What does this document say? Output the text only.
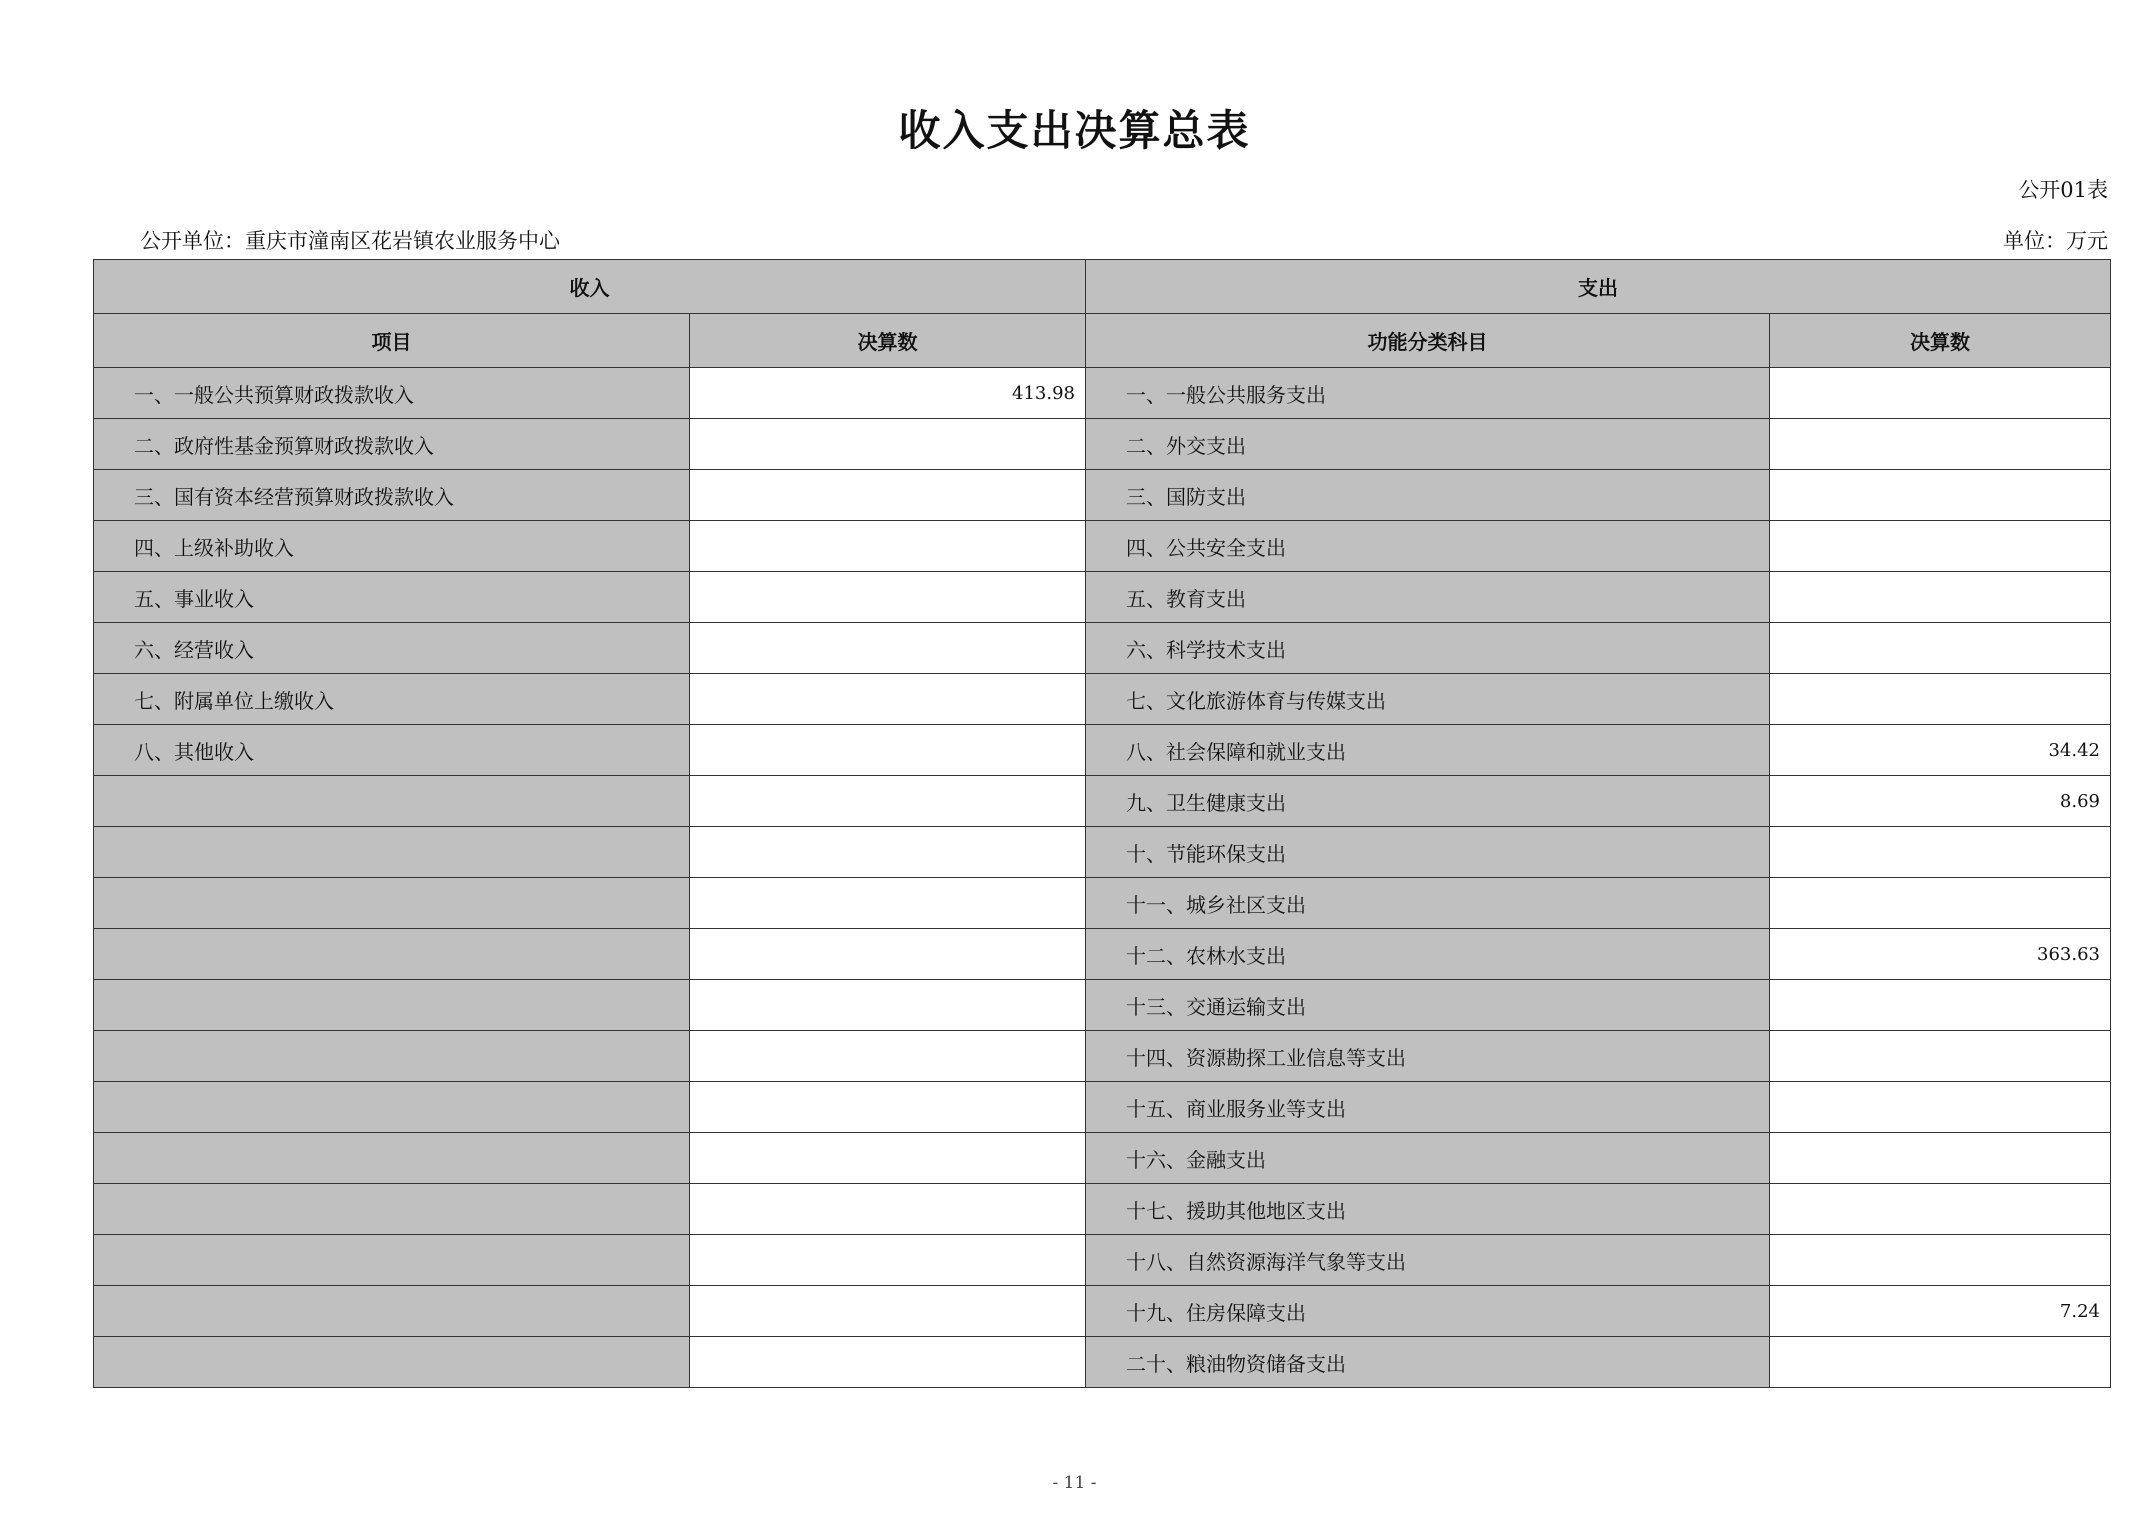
收入支出决算总表
公开01表
公开单位：重庆市潼南区花岩镇农业服务中心	单位：万元
收入		支出	
项目	决算数	功能分类科目	决算数
一、一般公共预算财政拨款收入	413.98	一、一般公共服务支出	
二、政府性基金预算财政拨款收入		二、外交支出	
三、国有资本经营预算财政拨款收入		三、国防支出	
四、上级补助收入		四、公共安全支出	
五、事业收入		五、教育支出	
六、经营收入		六、科学技术支出	
七、附属单位上缴收入		七、文化旅游体育与传媒支出	
八、其他收入		八、社会保障和就业支出	34.42
		九、卫生健康支出	8.69
		十、节能环保支出	
		十一、城乡社区支出	
		十二、农林水支出	363.63
		十三、交通运输支出	
		十四、资源勘探工业信息等支出	
		十五、商业服务业等支出	
		十六、金融支出	
		十七、援助其他地区支出	
		十八、自然资源海洋气象等支出	
		十九、住房保障支出	7.24
		二十、粮油物资储备支出	
- 11 -
